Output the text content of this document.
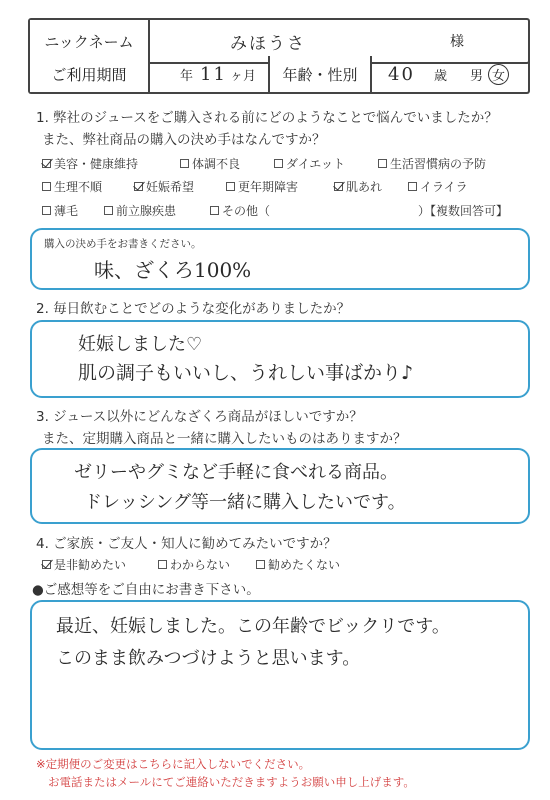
ニックネーム	みほうさ	様
ご利用期間	年 11 ヶ月	年齢・性別	40 歳 男 女
1. 弊社のジュースをご購入される前にどのようなことで悩んでいましたか？
また、弊社商品の購入の決め手はなんですか？
美容・健康維持	体調不良	ダイエット	生活習慣病の予防
生理不順	妊娠希望	更年期障害	肌あれ	イライラ
薄毛	前立腺疾患	その他（	）【複数回答可】
購入の決め手をお書きください。
味、ざくろ100%
2. 毎日飲むことでどのような変化がありましたか？
妊娠しました♡
肌の調子もいいし、うれしい事ばかり♪
3. ジュース以外にどんなざくろ商品がほしいですか？
また、定期購入商品と一緒に購入したいものはありますか？
ゼリーやグミなど手軽に食べれる商品。
ドレッシング等一緒に購入したいです。
4. ご家族・ご友人・知人に勧めてみたいですか？
是非勧めたい	わからない	勧めたくない
●ご感想等をご自由にお書き下さい。
最近、妊娠しました。この年齢でビックリです。
このまま飲みつづけようと思います。
※定期便のご変更はこちらに記入しないでください。
お電話またはメールにてご連絡いただきますようお願い申し上げます。
